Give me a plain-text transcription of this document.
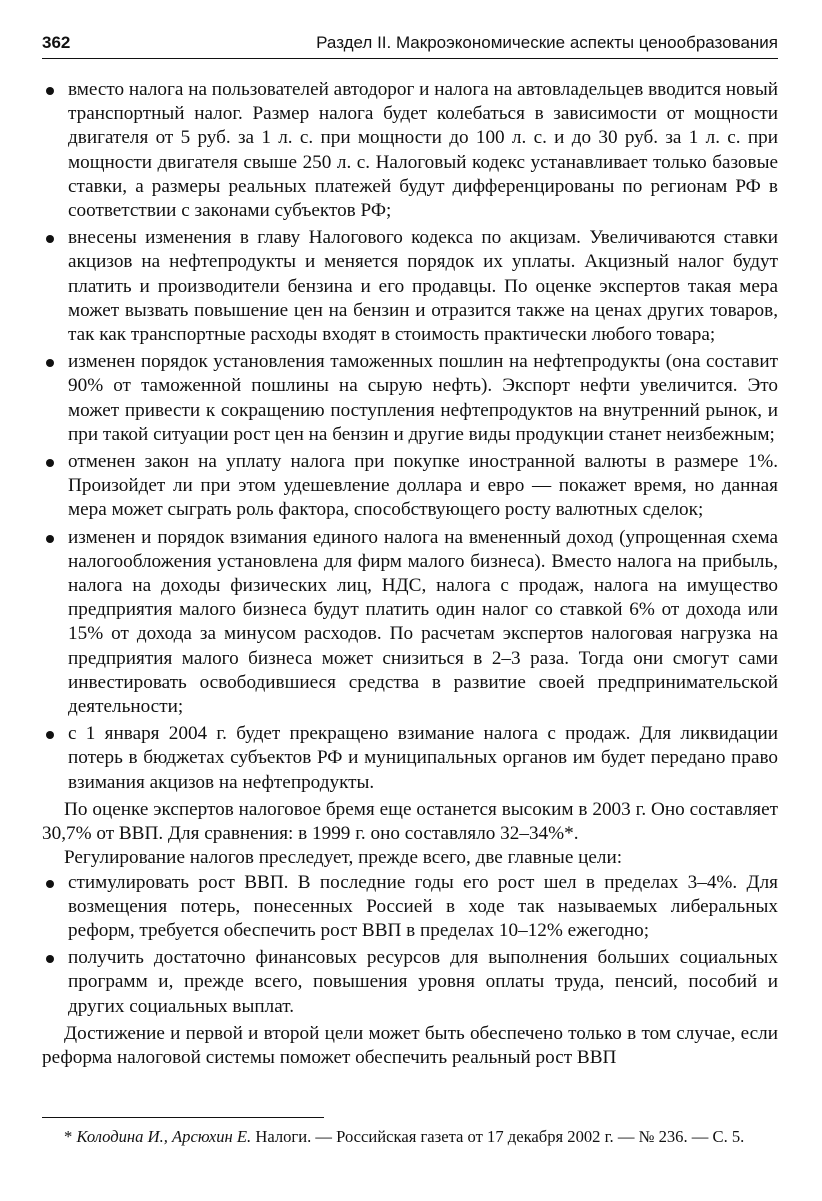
362	Раздел II. Макроэкономические аспекты ценообразования
вместо налога на пользователей автодорог и налога на автовладельцев вводится новый транспортный налог. Размер налога будет колебаться в зависимости от мощности двигателя от 5 руб. за 1 л. с. при мощности до 100 л. с. и до 30 руб. за 1 л. с. при мощности двигателя свыше 250 л. с. Налоговый кодекс устанавливает только базовые ставки, а размеры реальных платежей будут дифференцированы по регионам РФ в соответствии с законами субъектов РФ;
внесены изменения в главу Налогового кодекса по акцизам. Увеличиваются ставки акцизов на нефтепродукты и меняется порядок их уплаты. Акцизный налог будут платить и производители бензина и его продавцы. По оценке экспертов такая мера может вызвать повышение цен на бензин и отразится также на ценах других товаров, так как транспортные расходы входят в стоимость практически любого товара;
изменен порядок установления таможенных пошлин на нефтепродукты (она составит 90% от таможенной пошлины на сырую нефть). Экспорт нефти увеличится. Это может привести к сокращению поступления нефтепродуктов на внутренний рынок, и при такой ситуации рост цен на бензин и другие виды продукции станет неизбежным;
отменен закон на уплату налога при покупке иностранной валюты в размере 1%. Произойдет ли при этом удешевление доллара и евро — покажет время, но данная мера может сыграть роль фактора, способствующего росту валютных сделок;
изменен и порядок взимания единого налога на вмененный доход (упрощенная схема налогообложения установлена для фирм малого бизнеса). Вместо налога на прибыль, налога на доходы физических лиц, НДС, налога с продаж, налога на имущество предприятия малого бизнеса будут платить один налог со ставкой 6% от дохода или 15% от дохода за минусом расходов. По расчетам экспертов налоговая нагрузка на предприятия малого бизнеса может снизиться в 2–3 раза. Тогда они смогут сами инвестировать освободившиеся средства в развитие своей предпринимательской деятельности;
с 1 января 2004 г. будет прекращено взимание налога с продаж. Для ликвидации потерь в бюджетах субъектов РФ и муниципальных органов им будет передано право взимания акцизов на нефтепродукты.

По оценке экспертов налоговое бремя еще останется высоким в 2003 г. Оно составляет 30,7% от ВВП. Для сравнения: в 1999 г. оно составляло 32–34%*.

Регулирование налогов преследует, прежде всего, две главные цели:

стимулировать рост ВВП. В последние годы его рост шел в пределах 3–4%. Для возмещения потерь, понесенных Россией в ходе так называемых либеральных реформ, требуется обеспечить рост ВВП в пределах 10–12% ежегодно;
получить достаточно финансовых ресурсов для выполнения больших социальных программ и, прежде всего, повышения уровня оплаты труда, пенсий, пособий и других социальных выплат.

Достижение и первой и второй цели может быть обеспечено только в том случае, если реформа налоговой системы поможет обеспечить реальный рост ВВП

* Колодина И., Арсюхин Е. Налоги. — Российская газета от 17 декабря 2002 г. — № 236. — С. 5.
